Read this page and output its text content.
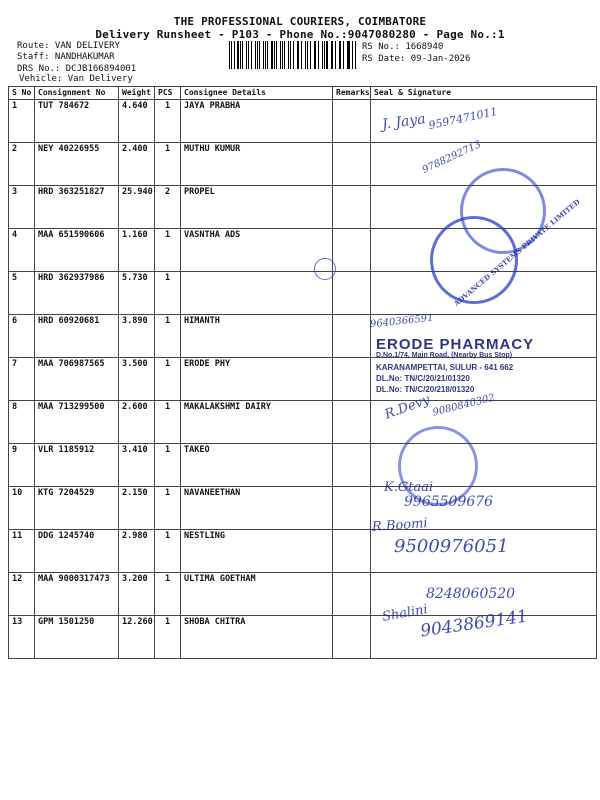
THE PROFESSIONAL COURIERS, COIMBATORE
Delivery Runsheet - P103 - Phone No.:9047080280 - Page No.:1
Route: VAN DELIVERY
Staff: NANDHAKUMAR
DRS No.: DCJB166894001
Vehicle: Van Delivery
RS No.: 1668940
RS Date: 09-Jan-2026
S No	Consignment No	Weight	PCS	Consignee Details	Remarks	Seal & Signature
1	TUT 784672	4.640	1	JAYA PRABHA		
2	NEY 40226955	2.400	1	MUTHU KUMUR		
3	HRD 363251827	25.940	2	PROPEL		
4	MAA 651590606	1.160	1	VASNTHA ADS		
5	HRD 362937986	5.730	1			
6	HRD 60920681	3.890	1	HIMANTH		
7	MAA 706987565	3.500	1	ERODE PHY		
8	MAA 713299500	2.600	1	MAKALAKSHMI DAIRY		
9	VLR 1185912	3.410	1	TAKEO		
10	KTG 7204529	2.150	1	NAVANEETHAN		
11	DDG 1245740	2.980	1	NESTLING		
12	MAA 9000317473	3.200	1	ULTIMA GOETHAM		
13	GPM 1501250	12.260	1	SHOBA CHITRA		
J. Jaya 9597471011
9788292713
ADVANCED SYSTEMS PRIVATE LIMITED
9640366591
ERODE PHARMACY
D.No.1/74, Main Road, (Nearby Bus Stop)
KARANAMPETTAI, SULUR - 641 662
DL.No: TN/C/20/21/01320
DL.No: TN/C/20/218/01320
R.Devy 9080840302
K.Gtaai
9965509676
R.Boomi
9500976051
8248060520
Shalini
9043869141
